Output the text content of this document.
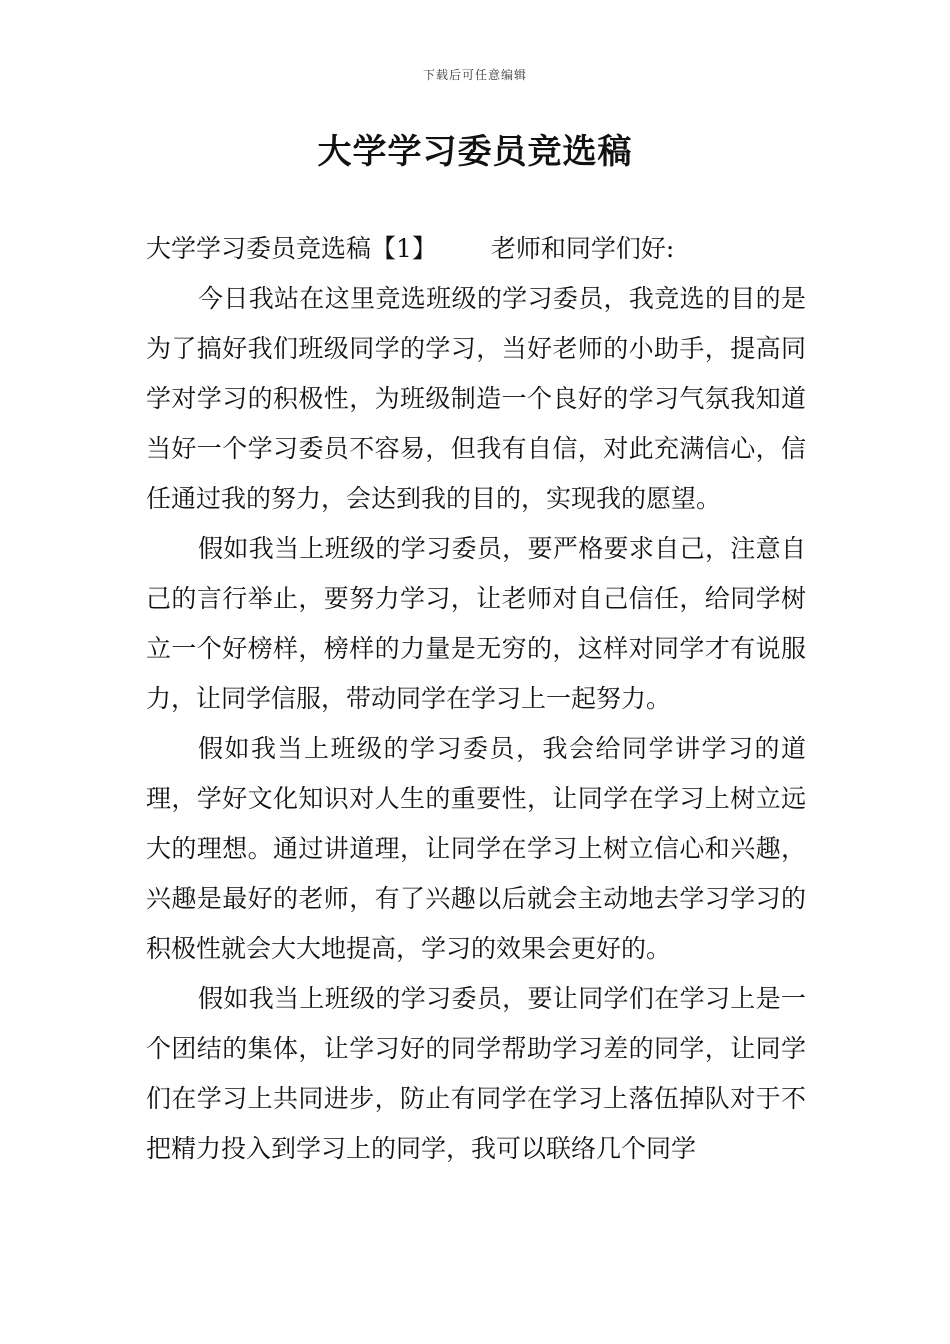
下载后可任意编辑
大学学习委员竞选稿

大学学习委员竞选稿【1】 老师和同学们好:

今日我站在这里竞选班级的学习委员，我竞选的目的是为了搞好我们班级同学的学习，当好老师的小助手，提高同学对学习的积极性，为班级制造一个良好的学习气氛我知道当好一个学习委员不容易，但我有自信，对此充满信心，信任通过我的努力，会达到我的目的，实现我的愿望。

假如我当上班级的学习委员，要严格要求自己，注意自己的言行举止，要努力学习，让老师对自己信任，给同学树立一个好榜样，榜样的力量是无穷的，这样对同学才有说服力，让同学信服，带动同学在学习上一起努力。

假如我当上班级的学习委员，我会给同学讲学习的道理，学好文化知识对人生的重要性，让同学在学习上树立远大的理想。通过讲道理，让同学在学习上树立信心和兴趣，兴趣是最好的老师，有了兴趣以后就会主动地去学习学习的积极性就会大大地提高，学习的效果会更好的。

假如我当上班级的学习委员，要让同学们在学习上是一个团结的集体，让学习好的同学帮助学习差的同学，让同学们在学习上共同进步，防止有同学在学习上落伍掉队对于不把精力投入到学习上的同学，我可以联络几个同学
